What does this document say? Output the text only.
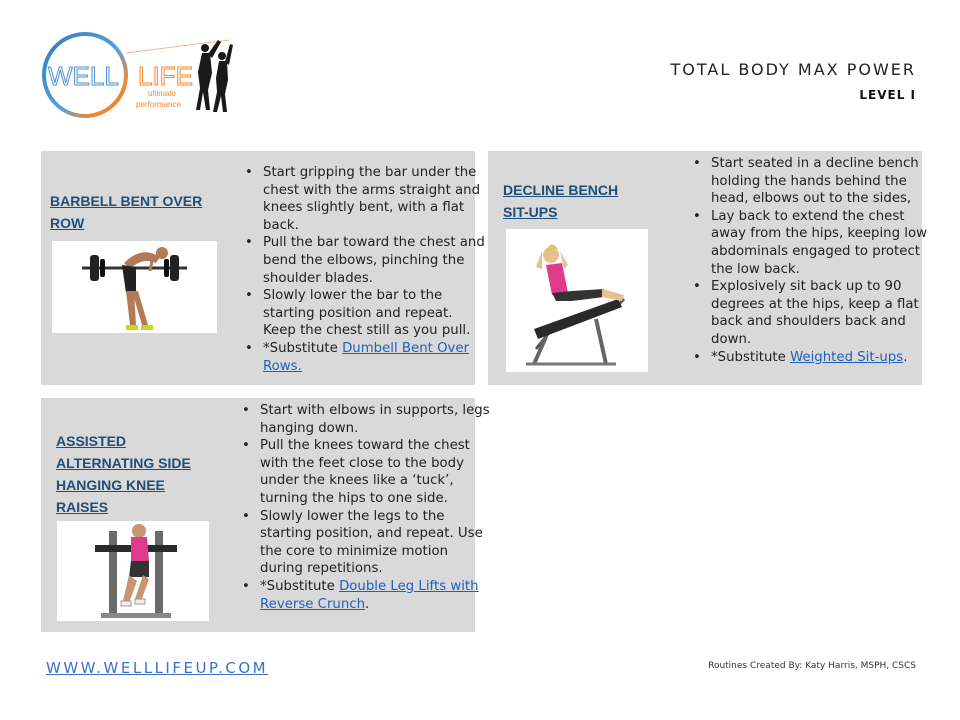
WELL LIFE
ultimate
performance
TOTAL BODY MAX POWER
LEVEL I
BARBELL BENT OVER ROW
• Start gripping the bar under the chest with the arms straight and knees slightly bent, with a flat back.
• Pull the bar toward the chest and bend the elbows, pinching the shoulder blades.
• Slowly lower the bar to the starting position and repeat. Keep the chest still as you pull.
• *Substitute Dumbell Bent Over Rows.
DECLINE BENCH SIT-UPS
• Start seated in a decline bench holding the hands behind the head, elbows out to the sides,
• Lay back to extend the chest away from the hips, keeping low abdominals engaged to protect the low back.
• Explosively sit back up to 90 degrees at the hips, keep a flat back and shoulders back and down.
• *Substitute Weighted Sit-ups.
ASSISTED ALTERNATING SIDE HANGING KNEE RAISES
• Start with elbows in supports, legs hanging down.
• Pull the knees toward the chest with the feet close to the body under the knees like a ‘tuck’, turning the hips to one side.
• Slowly lower the legs to the starting position, and repeat. Use the core to minimize motion during repetitions.
• *Substitute Double Leg Lifts with Reverse Crunch.
WWW.WELLLIFEUP.COM	Routines Created By: Katy Harris, MSPH, CSCS
